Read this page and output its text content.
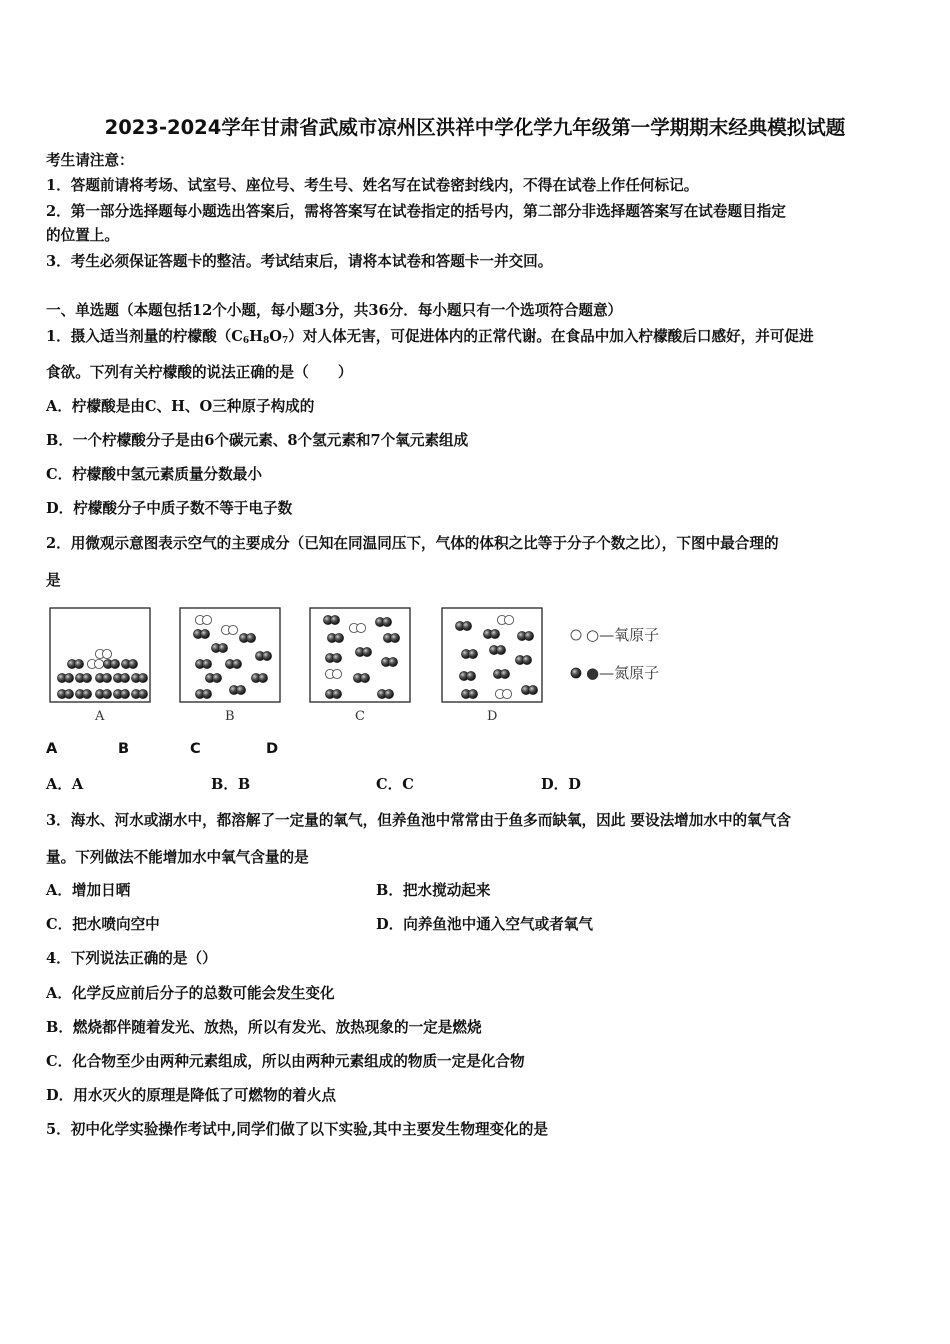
2023-2024学年甘肃省武威市凉州区洪祥中学化学九年级第一学期期末经典模拟试题
考生请注意：
1．答题前请将考场、试室号、座位号、考生号、姓名写在试卷密封线内，不得在试卷上作任何标记。
2．第一部分选择题每小题选出答案后，需将答案写在试卷指定的括号内，第二部分非选择题答案写在试卷题目指定
的位置上。
3．考生必须保证答题卡的整洁。考试结束后，请将本试卷和答题卡一并交回。
一、单选题（本题包括12个小题，每小题3分，共36分．每小题只有一个选项符合题意）
1．摄入适当剂量的柠檬酸$(C_6H_8O_7)$对人体无害，可促进体内的正常代谢。在食品中加入柠檬酸后口感好，并可促进
食欲。下列有关柠檬酸的说法正确的是（　　）
A．柠檬酸是由C、H、O三种原子构成的
B．一个柠檬酸分子是由6个碳元素、8个氢元素和7个氧元素组成
C．柠檬酸中氢元素质量分数最小
D．柠檬酸分子中质子数不等于电子数
2．用微观示意图表示空气的主要成分（已知在同温同压下，气体的体积之比等于分子个数之比），下图中最合理的
是
A	B	C	D
○—氧原子
●—氮原子
A	B	C	D
A．A	B．B	C．C	D．D
3．海水、河水或湖水中，都溶解了一定量的氧气，但养鱼池中常常由于鱼多而缺氧，因此 要设法增加水中的氧气含
量。下列做法不能增加水中氧气含量的是
A．增加日晒	B．把水搅动起来
C．把水喷向空中	D．向养鱼池中通入空气或者氧气
4．下列说法正确的是（）
A．化学反应前后分子的总数可能会发生变化
B．燃烧都伴随着发光、放热，所以有发光、放热现象的一定是燃烧
C．化合物至少由两种元素组成，所以由两种元素组成的物质一定是化合物
D．用水灭火的原理是降低了可燃物的着火点
5．初中化学实验操作考试中,同学们做了以下实验,其中主要发生物理变化的是
